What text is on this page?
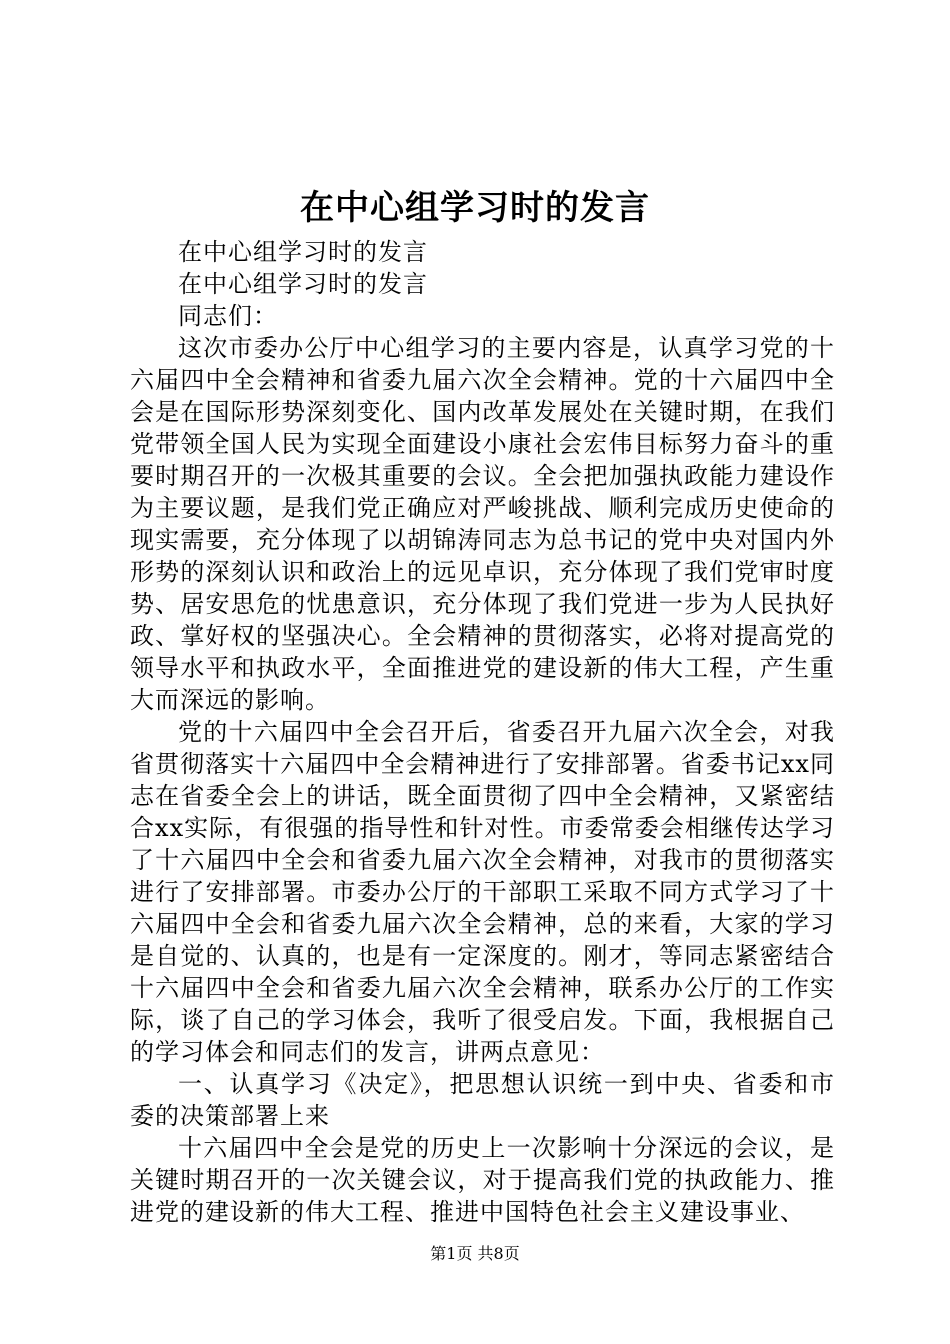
在中心组学习时的发言

在中心组学习时的发言

在中心组学习时的发言

同志们：

这次市委办公厅中心组学习的主要内容是，认真学习党的十六届四中全会精神和省委九届六次全会精神。党的十六届四中全会是在国际形势深刻变化、国内改革发展处在关键时期，在我们党带领全国人民为实现全面建设小康社会宏伟目标努力奋斗的重要时期召开的一次极其重要的会议。全会把加强执政能力建设作为主要议题，是我们党正确应对严峻挑战、顺利完成历史使命的现实需要，充分体现了以胡锦涛同志为总书记的党中央对国内外形势的深刻认识和政治上的远见卓识，充分体现了我们党审时度势、居安思危的忧患意识，充分体现了我们党进一步为人民执好政、掌好权的坚强决心。全会精神的贯彻落实，必将对提高党的领导水平和执政水平，全面推进党的建设新的伟大工程，产生重大而深远的影响。

党的十六届四中全会召开后，省委召开九届六次全会，对我省贯彻落实十六届四中全会精神进行了安排部署。省委书记xx同志在省委全会上的讲话，既全面贯彻了四中全会精神，又紧密结合xx实际，有很强的指导性和针对性。市委常委会相继传达学习了十六届四中全会和省委九届六次全会精神，对我市的贯彻落实进行了安排部署。市委办公厅的干部职工采取不同方式学习了十六届四中全会和省委九届六次全会精神，总的来看，大家的学习是自觉的、认真的，也是有一定深度的。刚才，等同志紧密结合十六届四中全会和省委九届六次全会精神，联系办公厅的工作实际，谈了自己的学习体会，我听了很受启发。下面，我根据自己的学习体会和同志们的发言，讲两点意见：

一、认真学习《决定》，把思想认识统一到中央、省委和市委的决策部署上来

十六届四中全会是党的历史上一次影响十分深远的会议，是关键时期召开的一次关键会议，对于提高我们党的执政能力、推进党的建设新的伟大工程、推进中国特色社会主义建设事业、

第1页 共8页
